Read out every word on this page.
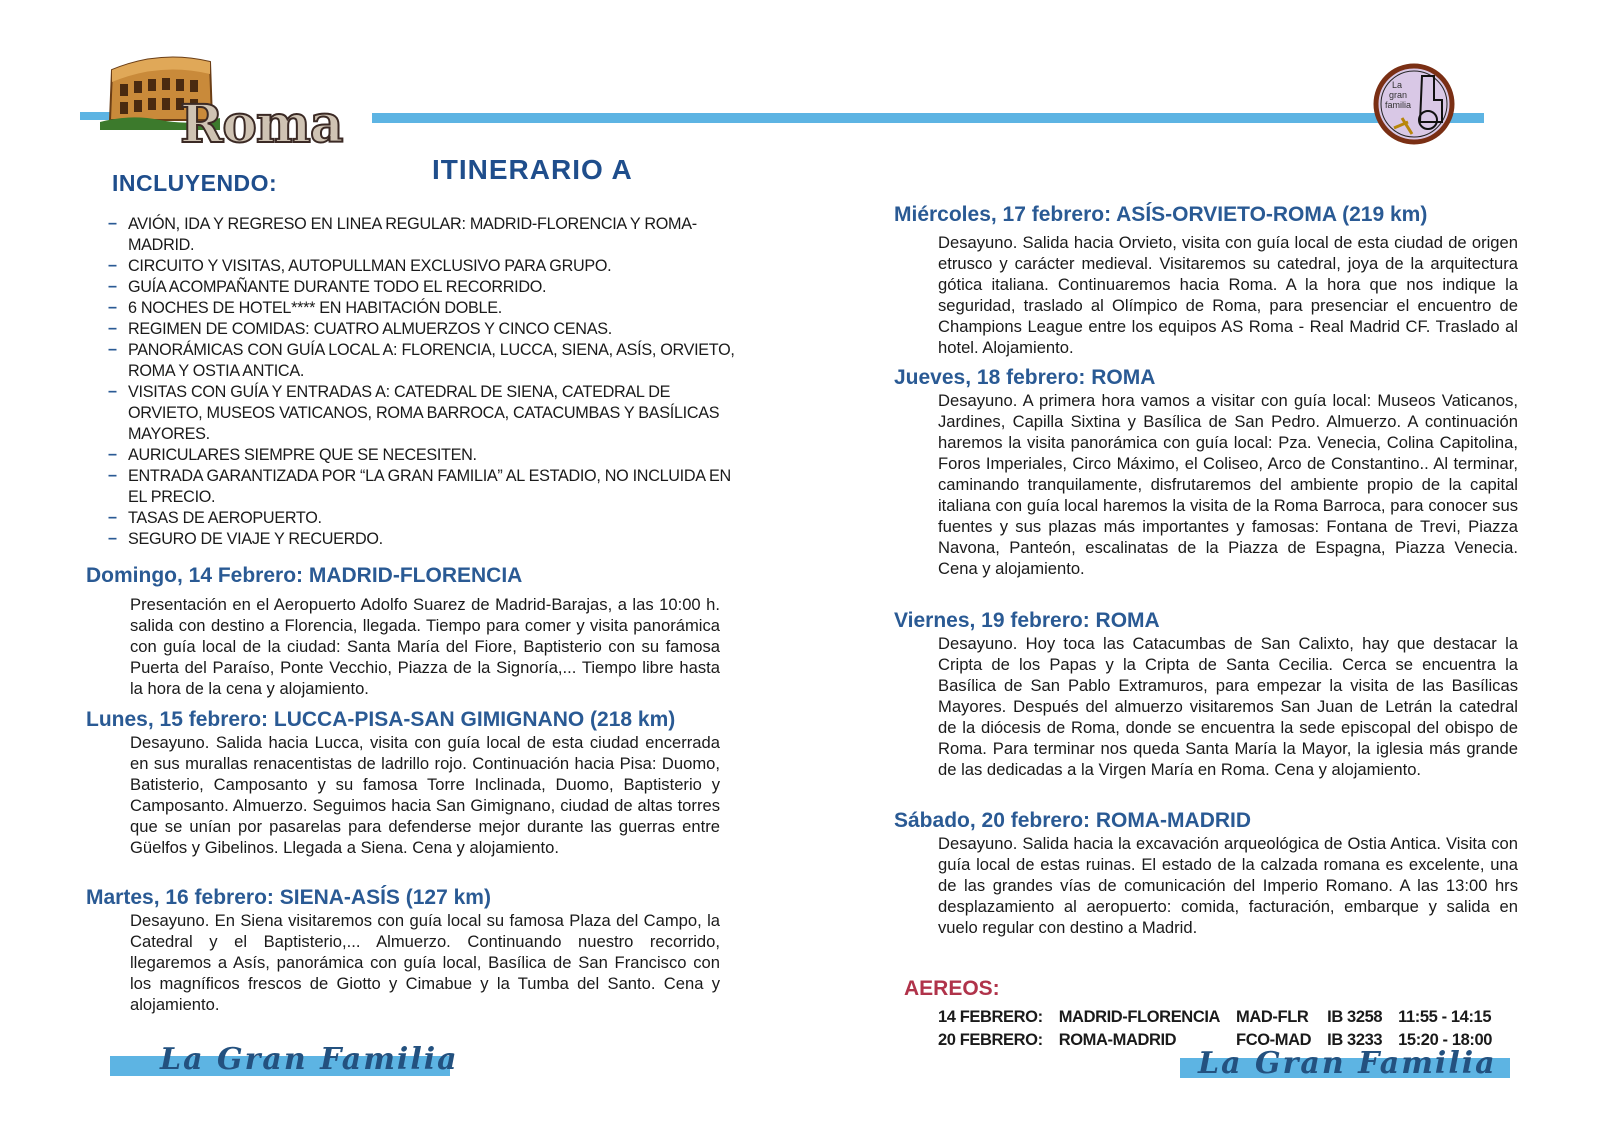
Roma
La
gran
familia
INCLUYENDO:	ITINERARIO A
– AVIÓN, IDA Y REGRESO EN LINEA REGULAR: MADRID-FLORENCIA Y ROMA-MADRID.
– CIRCUITO Y VISITAS, AUTOPULLMAN EXCLUSIVO PARA GRUPO.
– GUÍA ACOMPAÑANTE DURANTE TODO EL RECORRIDO.
– 6 NOCHES DE HOTEL**** EN HABITACIÓN DOBLE.
– REGIMEN DE COMIDAS: CUATRO ALMUERZOS Y CINCO CENAS.
– PANORÁMICAS CON GUÍA LOCAL A: FLORENCIA, LUCCA, SIENA, ASÍS, ORVIETO, ROMA Y OSTIA ANTICA.
– VISITAS CON GUÍA Y ENTRADAS A: CATEDRAL DE SIENA, CATEDRAL DE ORVIETO, MUSEOS VATICANOS, ROMA BARROCA, CATACUMBAS Y BASÍLICAS MAYORES.
– AURICULARES SIEMPRE QUE SE NECESITEN.
– ENTRADA GARANTIZADA POR “LA GRAN FAMILIA” AL ESTADIO, NO INCLUIDA EN EL PRECIO.
– TASAS DE AEROPUERTO.
– SEGURO DE VIAJE Y RECUERDO.
Domingo, 14 Febrero: MADRID-FLORENCIA
Presentación en el Aeropuerto Adolfo Suarez de Madrid-Barajas, a las 10:00 h. salida con destino a Florencia, llegada. Tiempo para comer y visita panorámica con guía local de la ciudad: Santa María del Fiore, Baptisterio con su famosa Puerta del Paraíso, Ponte Vecchio, Piazza de la Signoría,... Tiempo libre hasta la hora de la cena y alojamiento.
Lunes, 15 febrero: LUCCA-PISA-SAN GIMIGNANO (218 km)
Desayuno. Salida hacia Lucca, visita con guía local de esta ciudad encerrada en sus murallas renacentistas de ladrillo rojo. Continuación hacia Pisa: Duomo, Batisterio, Camposanto y su famosa Torre Inclinada, Duomo, Baptisterio y Camposanto. Almuerzo. Seguimos hacia San Gimignano, ciudad de altas torres que se unían por pasarelas para defenderse mejor durante las guerras entre Güelfos y Gibelinos. Llegada a Siena. Cena y alojamiento.
Martes, 16 febrero: SIENA-ASÍS (127 km)
Desayuno. En Siena visitaremos con guía local su famosa Plaza del Campo, la Catedral y el Baptisterio,... Almuerzo. Continuando nuestro recorrido, llegaremos a Asís, panorámica con guía local, Basílica de San Francisco con los magníficos frescos de Giotto y Cimabue y la Tumba del Santo. Cena y alojamiento.
Miércoles, 17 febrero: ASÍS-ORVIETO-ROMA (219 km)
Desayuno. Salida hacia Orvieto, visita con guía local de esta ciudad de origen etrusco y carácter medieval. Visitaremos su catedral, joya de la arquitectura gótica italiana. Continuaremos hacia Roma. A la hora que nos indique la seguridad, traslado al Olímpico de Roma, para presenciar el encuentro de Champions League entre los equipos AS Roma - Real Madrid CF. Traslado al hotel. Alojamiento.
Jueves, 18 febrero: ROMA
Desayuno. A primera hora vamos a visitar con guía local: Museos Vaticanos, Jardines, Capilla Sixtina y Basílica de San Pedro. Almuerzo. A continuación haremos la visita panorámica con guía local: Pza. Venecia, Colina Capitolina, Foros Imperiales, Circo Máximo, el Coliseo, Arco de Constantino.. Al terminar, caminando tranquilamente, disfrutaremos del ambiente propio de la capital italiana con guía local haremos la visita de la Roma Barroca, para conocer sus fuentes y sus plazas más importantes y famosas: Fontana de Trevi, Piazza Navona, Panteón, escalinatas de la Piazza de Espagna, Piazza Venecia. Cena y alojamiento.
Viernes, 19 febrero: ROMA
Desayuno. Hoy toca las Catacumbas de San Calixto, hay que destacar la Cripta de los Papas y la Cripta de Santa Cecilia. Cerca se encuentra la Basílica de San Pablo Extramuros, para empezar la visita de las Basílicas Mayores. Después del almuerzo visitaremos San Juan de Letrán la catedral de la diócesis de Roma, donde se encuentra la sede episcopal del obispo de Roma. Para terminar nos queda Santa María la Mayor, la iglesia más grande de las dedicadas a la Virgen María en Roma. Cena y alojamiento.
Sábado, 20 febrero: ROMA-MADRID
Desayuno. Salida hacia la excavación arqueológica de Ostia Antica. Visita con guía local de estas ruinas. El estado de la calzada romana es excelente, una de las grandes vías de comunicación del Imperio Romano. A las 13:00 hrs desplazamiento al aeropuerto: comida, facturación, embarque y salida en vuelo regular con destino a Madrid.
AEREOS:
14 FEBRERO:	MADRID-FLORENCIA	MAD-FLR	IB 3258	11:55 - 14:15
20 FEBRERO:	ROMA-MADRID	FCO-MAD	IB 3233	15:20 - 18:00
La Gran Familia	La Gran Familia
